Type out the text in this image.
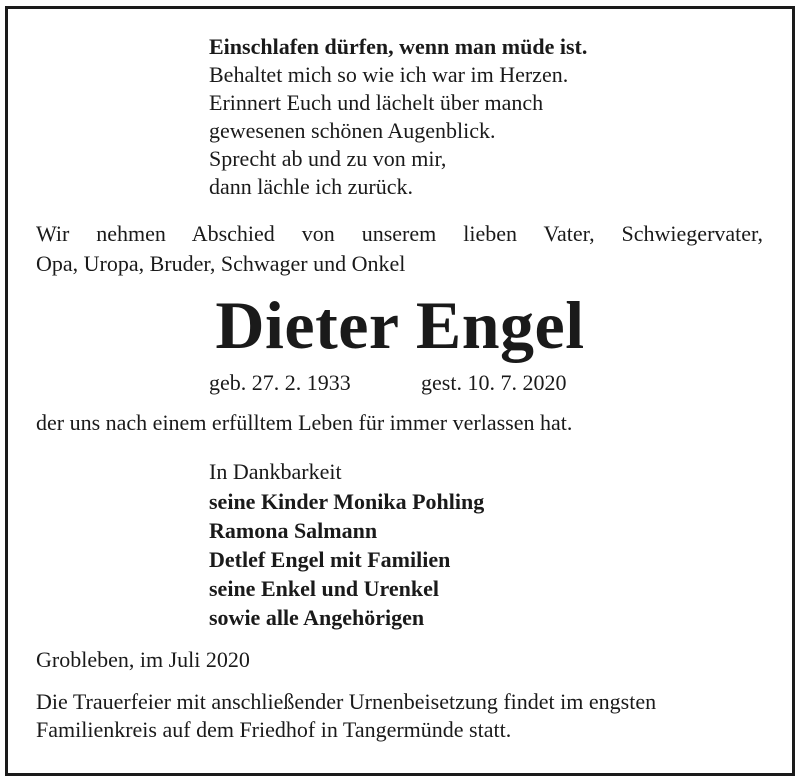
Einschlafen dürfen, wenn man müde ist.

Behaltet mich so wie ich war im Herzen.

Erinnert Euch und lächelt über manch

gewesenen schönen Augenblick.

Sprecht ab und zu von mir,

dann lächle ich zurück.

Wir nehmen Abschied von unserem lieben Vater, Schwiegervater,

Opa, Uropa, Bruder, Schwager und Onkel

Dieter Engel

geb. 27. 2. 1933	gest. 10. 7. 2020

der uns nach einem erfülltem Leben für immer verlassen hat.

In Dankbarkeit

seine Kinder Monika Pohling

Ramona Salmann

Detlef Engel mit Familien

seine Enkel und Urenkel

sowie alle Angehörigen

Grobleben, im Juli 2020

Die Trauerfeier mit anschließender Urnenbeisetzung findet im engsten

Familienkreis auf dem Friedhof in Tangermünde statt.
